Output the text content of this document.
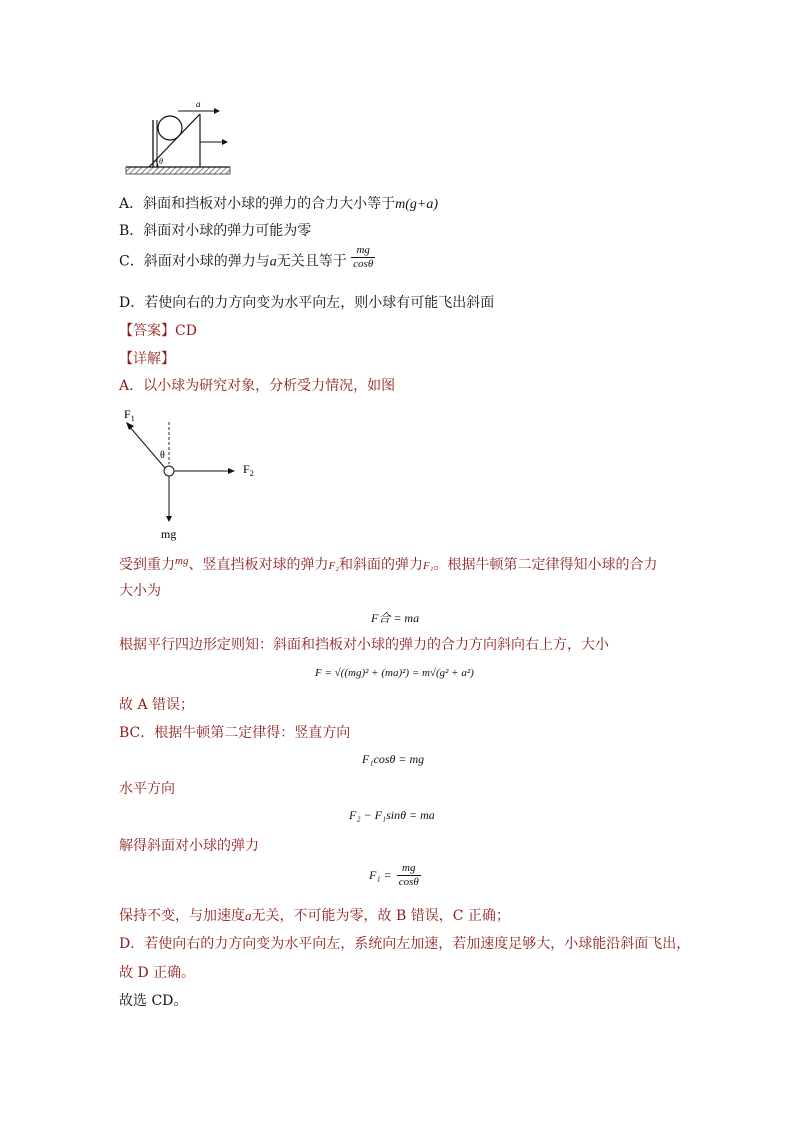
a
θ
A．斜面和挡板对小球的弹力的合力大小等于m(g+a)
B．斜面对小球的弹力可能为零
C．斜面对小球的弹力与a无关且等于 $\frac{mg}{\cos\theta}$
D．若使向右的力方向变为水平向左，则小球有可能飞出斜面
【答案】CD
【详解】
A．以小球为研究对象，分析受力情况，如图
$F_1$
θ
$F_2$
mg
受到重力$^{mg}$、竖直挡板对球的弹力F₂和斜面的弹力F₁。根据牛顿第二定律得知小球的合力
大小为
F合 = ma
根据平行四边形定则知：斜面和挡板对小球的弹力的合力方向斜向右上方，大小
F = √((mg)² + (ma)²) = m√(g² + a²)
故 A 错误；
BC．根据牛顿第二定律得：竖直方向
F₁cosθ = mg
水平方向
F₂ − F₁sinθ = ma
解得斜面对小球的弹力
$F_1 = \frac{mg}{\cos\theta}$
保持不变，与加速度a无关，不可能为零，故 B 错误，C 正确；
D．若使向右的力方向变为水平向左，系统向左加速，若加速度足够大，小球能沿斜面飞出，
故 D 正确。
故选 CD。
